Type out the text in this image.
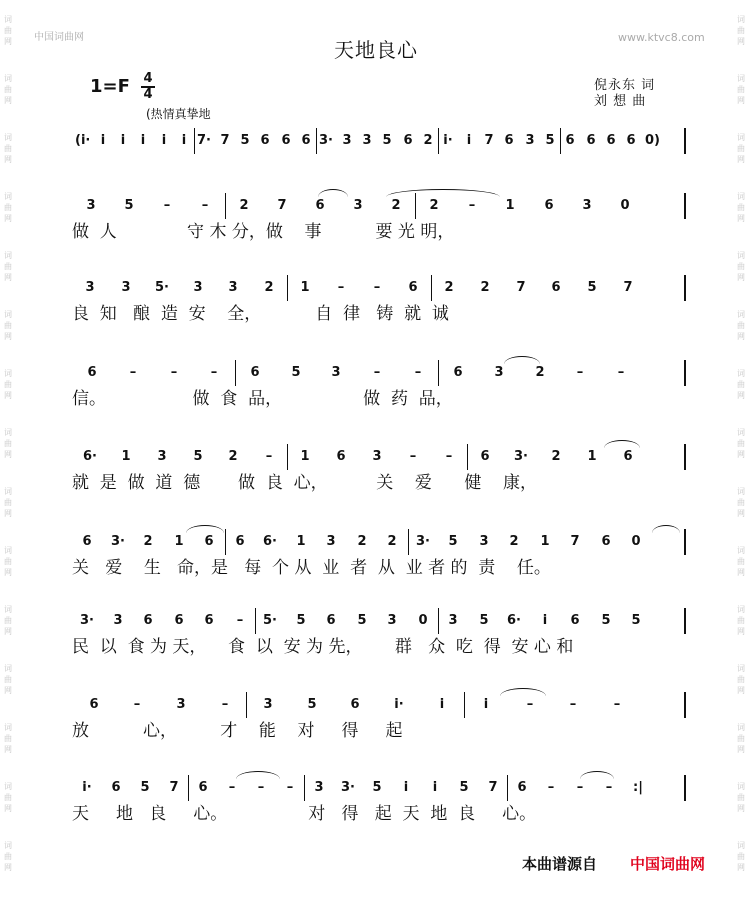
中国词曲网	www.ktvc8.com
词
曲
网
词
曲
网
词
曲
网
词
曲
网
词
曲
网
词
曲
网
词
曲
网
词
曲
网
词
曲
网
词
曲
网
词
曲
网
词
曲
网
词
曲
网
词
曲
网
词
曲
网
词
曲
网
词
曲
网
词
曲
网
词
曲
网
词
曲
网
词
曲
网
词
曲
网
词
曲
网
词
曲
网
词
曲
网
词
曲
网
词
曲
网
词
曲
网
词
曲
网
词
曲
网
天地良心
1=F 4
4
(热情真挚地
倪永东 词
刘 想 曲
(i· i	i	i	i	i 7· 7 5 6 6 6 3· 3 3 5 6 2 i·	i	7 6 3 5 6 6 6 6 0)
3 5 – – 2 7 6 3 2 2 – 1 6 3 0
做  人             守 木 分，做    事          要 光 明，
3 3 5· 3 3 2 1 – – 6 2 2 7 6 5 7
良  知   酿  造  安    全，          自  律   铸  就  诚
6	–	–	–	6 5 3	–	– 6 3 2 –	–
信。                做  食  品，               做  药  品，
6· 1 3 5 2 – 1 6 3 – – 6 3· 2 1 6
就  是  做  道  德       做  良  心，         关    爱      健    康，
6 3· 2 1 6 6 6· 1 3 2 2 3· 5 3 2 1 7 6 0
关   爱    生   命，是   每  个 从  业  者  从  业 者 的  责    任。
3· 3 6 6 6 – 5· 5 6 5 3 0 3 5 6·	i	6 5 5
民  以  食 为 天，    食  以  安 为 先，      群   众  吃  得  安 心 和
6	–	3	–	3	5	6	i·	i	i	–	–	–
放          心，        才    能    对     得     起
i· 6 5 7 6 – – – 3 3· 5	i	i	5 7 6 – – – :|
天     地   良     心。               对   得   起  天  地  良     心。
本曲谱源自 中国词曲网
